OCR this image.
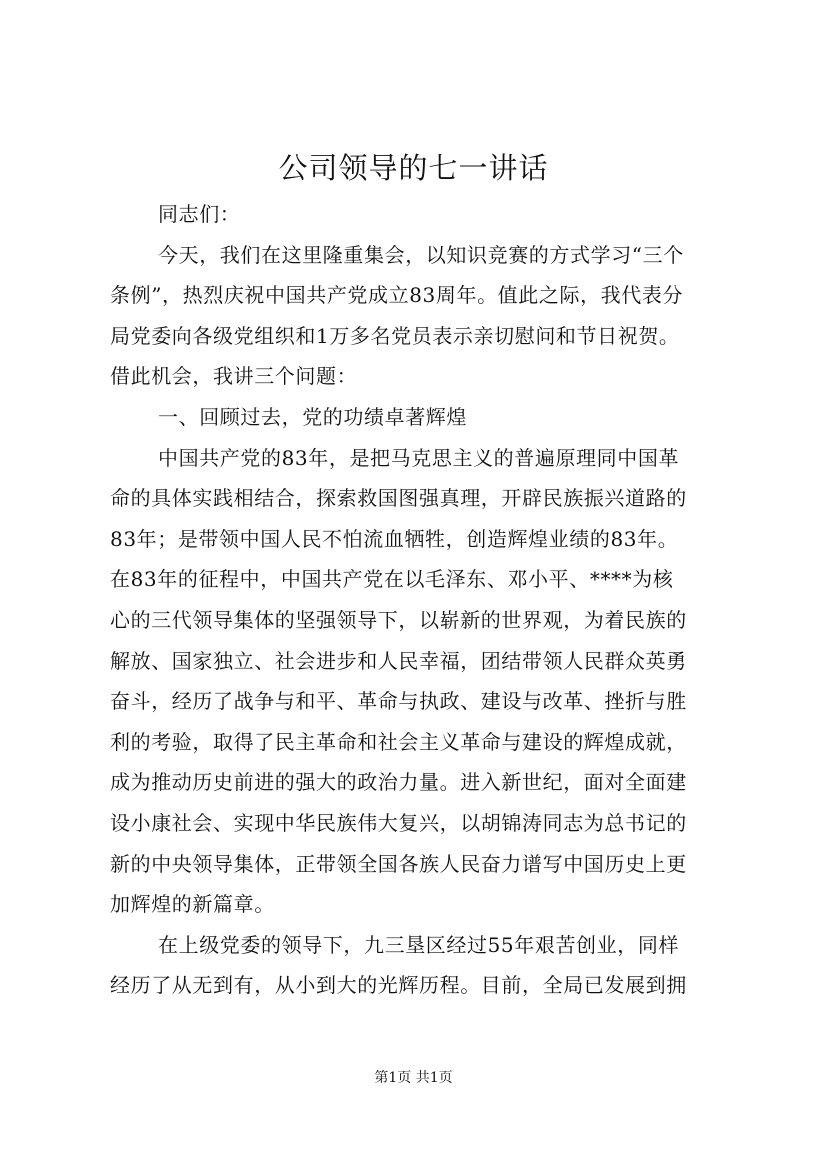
公司领导的七一讲话
同志们：
今天，我们在这里隆重集会，以知识竞赛的方式学习“三个
条例”，热烈庆祝中国共产党成立83周年。值此之际，我代表分
局党委向各级党组织和1万多名党员表示亲切慰问和节日祝贺。
借此机会，我讲三个问题：
一、回顾过去，党的功绩卓著辉煌
中国共产党的83年，是把马克思主义的普遍原理同中国革
命的具体实践相结合，探索救国图强真理，开辟民族振兴道路的
83年；是带领中国人民不怕流血牺牲，创造辉煌业绩的83年。
在83年的征程中，中国共产党在以毛泽东、邓小平、****为核
心的三代领导集体的坚强领导下，以崭新的世界观，为着民族的
解放、国家独立、社会进步和人民幸福，团结带领人民群众英勇
奋斗，经历了战争与和平、革命与执政、建设与改革、挫折与胜
利的考验，取得了民主革命和社会主义革命与建设的辉煌成就，
成为推动历史前进的强大的政治力量。进入新世纪，面对全面建
设小康社会、实现中华民族伟大复兴，以胡锦涛同志为总书记的
新的中央领导集体，正带领全国各族人民奋力谱写中国历史上更
加辉煌的新篇章。
在上级党委的领导下，九三垦区经过55年艰苦创业，同样
经历了从无到有，从小到大的光辉历程。目前，全局已发展到拥
第1页 共1页
